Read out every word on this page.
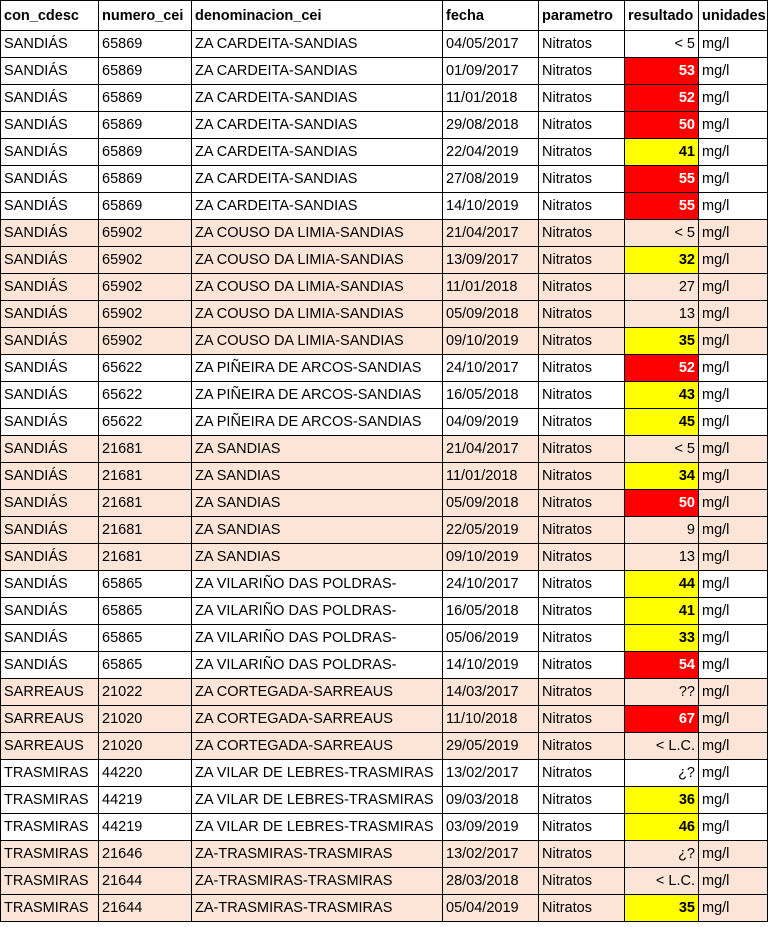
con_cdesc	numero_cei	denominacion_cei	fecha	parametro	resultado	unidades
SANDIÁS	65869	ZA CARDEITA-SANDIAS	04/05/2017	Nitratos	< 5	mg/l
SANDIÁS	65869	ZA CARDEITA-SANDIAS	01/09/2017	Nitratos	53	mg/l
SANDIÁS	65869	ZA CARDEITA-SANDIAS	11/01/2018	Nitratos	52	mg/l
SANDIÁS	65869	ZA CARDEITA-SANDIAS	29/08/2018	Nitratos	50	mg/l
SANDIÁS	65869	ZA CARDEITA-SANDIAS	22/04/2019	Nitratos	41	mg/l
SANDIÁS	65869	ZA CARDEITA-SANDIAS	27/08/2019	Nitratos	55	mg/l
SANDIÁS	65869	ZA CARDEITA-SANDIAS	14/10/2019	Nitratos	55	mg/l
SANDIÁS	65902	ZA COUSO DA LIMIA-SANDIAS	21/04/2017	Nitratos	< 5	mg/l
SANDIÁS	65902	ZA COUSO DA LIMIA-SANDIAS	13/09/2017	Nitratos	32	mg/l
SANDIÁS	65902	ZA COUSO DA LIMIA-SANDIAS	11/01/2018	Nitratos	27	mg/l
SANDIÁS	65902	ZA COUSO DA LIMIA-SANDIAS	05/09/2018	Nitratos	13	mg/l
SANDIÁS	65902	ZA COUSO DA LIMIA-SANDIAS	09/10/2019	Nitratos	35	mg/l
SANDIÁS	65622	ZA PIÑEIRA DE ARCOS-SANDIAS	24/10/2017	Nitratos	52	mg/l
SANDIÁS	65622	ZA PIÑEIRA DE ARCOS-SANDIAS	16/05/2018	Nitratos	43	mg/l
SANDIÁS	65622	ZA PIÑEIRA DE ARCOS-SANDIAS	04/09/2019	Nitratos	45	mg/l
SANDIÁS	21681	ZA SANDIAS	21/04/2017	Nitratos	< 5	mg/l
SANDIÁS	21681	ZA SANDIAS	11/01/2018	Nitratos	34	mg/l
SANDIÁS	21681	ZA SANDIAS	05/09/2018	Nitratos	50	mg/l
SANDIÁS	21681	ZA SANDIAS	22/05/2019	Nitratos	9	mg/l
SANDIÁS	21681	ZA SANDIAS	09/10/2019	Nitratos	13	mg/l
SANDIÁS	65865	ZA VILARIÑO DAS POLDRAS-	24/10/2017	Nitratos	44	mg/l
SANDIÁS	65865	ZA VILARIÑO DAS POLDRAS-	16/05/2018	Nitratos	41	mg/l
SANDIÁS	65865	ZA VILARIÑO DAS POLDRAS-	05/06/2019	Nitratos	33	mg/l
SANDIÁS	65865	ZA VILARIÑO DAS POLDRAS-	14/10/2019	Nitratos	54	mg/l
SARREAUS	21022	ZA CORTEGADA-SARREAUS	14/03/2017	Nitratos	??	mg/l
SARREAUS	21020	ZA CORTEGADA-SARREAUS	11/10/2018	Nitratos	67	mg/l
SARREAUS	21020	ZA CORTEGADA-SARREAUS	29/05/2019	Nitratos	< L.C.	mg/l
TRASMIRAS	44220	ZA VILAR DE LEBRES-TRASMIRAS	13/02/2017	Nitratos	¿?	mg/l
TRASMIRAS	44219	ZA VILAR DE LEBRES-TRASMIRAS	09/03/2018	Nitratos	36	mg/l
TRASMIRAS	44219	ZA VILAR DE LEBRES-TRASMIRAS	03/09/2019	Nitratos	46	mg/l
TRASMIRAS	21646	ZA-TRASMIRAS-TRASMIRAS	13/02/2017	Nitratos	¿?	mg/l
TRASMIRAS	21644	ZA-TRASMIRAS-TRASMIRAS	28/03/2018	Nitratos	< L.C.	mg/l
TRASMIRAS	21644	ZA-TRASMIRAS-TRASMIRAS	05/04/2019	Nitratos	35	mg/l
